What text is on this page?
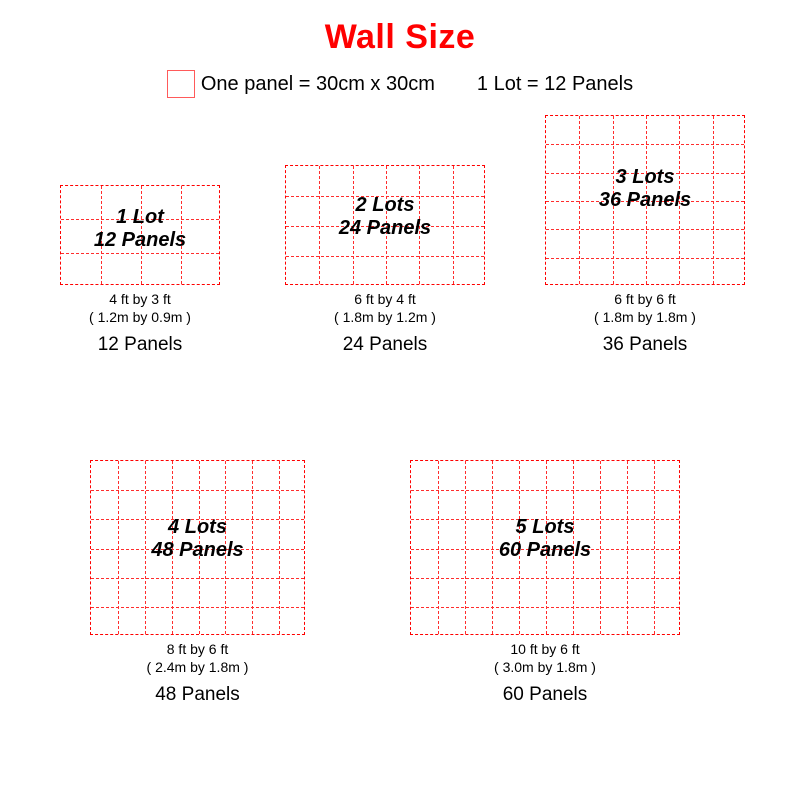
Wall Size
One panel = 30cm x 30cm 1 Lot = 12 Panels
1 Lot
12 Panels
4 ft by 3 ft
( 1.2m by 0.9m )
12 Panels
2 Lots
24 Panels
6 ft by 4 ft
( 1.8m by 1.2m )
24 Panels
3 Lots
36 Panels
6 ft by 6 ft
( 1.8m by 1.8m )
36 Panels
4 Lots
48 Panels
8 ft by 6 ft
( 2.4m by 1.8m )
48 Panels
5 Lots
60 Panels
10 ft by 6 ft
( 3.0m by 1.8m )
60 Panels
